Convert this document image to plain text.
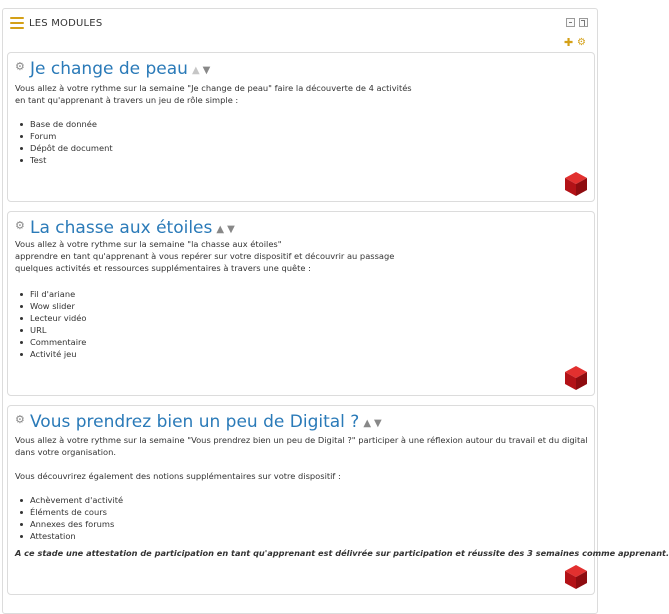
LES MODULES
✚ ⚙
⚙ Je change de peau ▲ ▼
Vous allez à votre rythme sur la semaine "Je change de peau" faire la découverte de 4 activités
en tant qu'apprenant à travers un jeu de rôle simple :
Base de donnée
Forum
Dépôt de document
Test
⚙ La chasse aux étoiles ▲ ▼
Vous allez à votre rythme sur la semaine "la chasse aux étoiles"
apprendre en tant qu'apprenant à vous repérer sur votre dispositif et découvrir au passage
quelques activités et ressources supplémentaires à travers une quête :
Fil d'ariane
Wow slider
Lecteur vidéo
URL
Commentaire
Activité jeu
⚙ Vous prendrez bien un peu de Digital ? ▲ ▼
Vous allez à votre rythme sur la semaine "Vous prendrez bien un peu de Digital ?" participer à une réflexion autour du travail et du digital
dans votre organisation.
Vous découvrirez également des notions supplémentaires sur votre dispositif :
Achèvement d'activité
Éléments de cours
Annexes des forums
Attestation
A ce stade une attestation de participation en tant qu'apprenant est délivrée sur participation et réussite des 3 semaines comme apprenant.
